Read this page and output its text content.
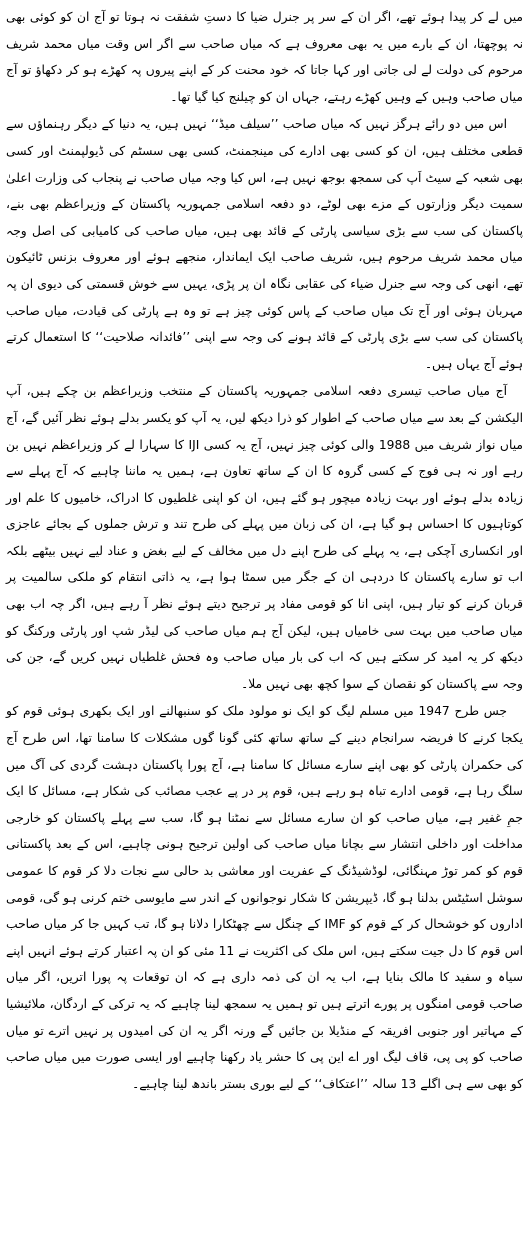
میں لے کر پیدا ہوئے تھے، اگر ان کے سر پر جنرل ضیا کا دستِ شفقت نہ ہوتا تو آج ان کو کوئی بھی نہ پوچھتا، ان کے بارے میں یہ بھی معروف ہے کہ میاں صاحب سے اگر اس وقت میاں محمد شریف مرحوم کی دولت لے لی جاتی اور کہا جاتا کہ خود محنت کر کے اپنے پیروں پہ کھڑے ہو کر دکھاؤ تو آج میاں صاحب وہیں کے وہیں کھڑے رہتے، جہاں ان کو چیلنج کیا گیا تھا۔

اس میں دو رائے ہرگز نہیں کہ میاں صاحب ’’سیلف میڈ‘‘ نہیں ہیں، یہ دنیا کے دیگر رہنماؤں سے قطعی مختلف ہیں، ان کو کسی بھی ادارے کی مینجمنٹ، کسی بھی سسٹم کی ڈیولپمنٹ اور کسی بھی شعبہ کے سیٹ اَپ کی سمجھ بوجھ نہیں ہے، اس کیا وجہ میاں صاحب نے پنجاب کی وزارت اعلیٰ سمیت دیگر وزارتوں کے مزے بھی لوٹے، دو دفعہ اسلامی جمہوریہ پاکستان کے وزیراعظم بھی بنے، پاکستان کی سب سے بڑی سیاسی پارٹی کے قائد بھی ہیں، میاں صاحب کی کامیابی کی اصل وجہ میاں محمد شریف مرحوم ہیں، شریف صاحب ایک ایماندار، منجھے ہوئے اور معروف بزنس ٹائیکون تھے، انھی کی وجہ سے جنرل ضیاء کی عقابی نگاہ ان پر پڑی، یہیں سے خوش قسمتی کی دیوی ان پہ مہربان ہوئی اور آج تک میاں صاحب کے پاس کوئی چیز ہے تو وہ ہے پارٹی کی قیادت، میاں صاحب پاکستان کی سب سے بڑی پارٹی کے قائد ہونے کی وجہ سے اپنی ’’فائدانہ صلاحیت‘‘ کا استعمال کرتے ہوئے آج یہاں ہیں۔

آج میاں صاحب تیسری دفعہ اسلامی جمہوریہ پاکستان کے منتخب وزیراعظم بن چکے ہیں، آپ الیکشن کے بعد سے میاں صاحب کے اطوار کو ذرا دیکھ لیں، یہ آپ کو یکسر بدلے ہوئے نظر آئیں گے، آج میاں نواز شریف میں 1988 والی کوئی چیز نہیں، آج یہ کسی IJI کا سہارا لے کر وزیراعظم نہیں بن رہے اور نہ ہی فوج کے کسی گروہ کا ان کے ساتھ تعاون ہے، ہمیں یہ ماننا چاہیے کہ آج پہلے سے زیادہ بدلے ہوئے اور بہت زیادہ میچور ہو گئے ہیں، ان کو اپنی غلطیوں کا ادراک، خامیوں کا علم اور کوتاہیوں کا احساس ہو گیا ہے، ان کی زبان میں پہلے کی طرح تند و ترش جملوں کے بجائے عاجزی اور انکساری آچکی ہے، یہ پہلے کی طرح اپنے دل میں مخالف کے لیے بغض و عناد لیے نہیں بیٹھے بلکہ اب تو سارے پاکستان کا دردہی ان کے جگر میں سمٹا ہوا ہے، یہ ذاتی انتقام کو ملکی سالمیت پر قربان کرنے کو تیار ہیں، اپنی انا کو قومی مفاد پر ترجیح دیتے ہوئے نظر آ رہے ہیں، اگر چہ اب بھی میاں صاحب میں بہت سی خامیاں ہیں، لیکن آج ہم میاں صاحب کی لیڈر شپ اور پارٹی ورکنگ کو دیکھ کر یہ امید کر سکتے ہیں کہ اب کی بار میاں صاحب وہ فحش غلطیاں نہیں کریں گے، جن کی وجہ سے پاکستان کو نقصان کے سوا کچھ بھی نہیں ملا۔

جس طرح 1947 میں مسلم لیگ کو ایک نو مولود ملک کو سنبھالنے اور ایک بکھری ہوئی قوم کو یکجا کرنے کا فریضہ سرانجام دینے کے ساتھ ساتھ کئی گونا گوں مشکلات کا سامنا تھا، اس طرح آج کی حکمران پارٹی کو بھی اپنے سارے مسائل کا سامنا ہے، آج پورا پاکستان دہشت گردی کی آگ میں سلگ رہا ہے، قومی ادارے تباہ ہو رہے ہیں، قوم پر در پے عجب مصائب کی شکار ہے، مسائل کا ایک جمِ غفیر ہے، میاں صاحب کو ان سارے مسائل سے نمٹنا ہو گا، سب سے پہلے پاکستان کو خارجی مداخلت اور داخلی انتشار سے بچانا میاں صاحب کی اولین ترجیح ہونی چاہیے، اس کے بعد پاکستانی قوم کو کمر توڑ مہنگائی، لوڈشیڈنگ کے عفریت اور معاشی بد حالی سے نجات دلا کر قوم کا عمومی سوشل اسٹیٹس بدلنا ہو گا، ڈیپریشن کا شکار نوجوانوں کے اندر سے مایوسی ختم کرنی ہو گی، قومی اداروں کو خوشحال کر کے قوم کو IMF کے چنگل سے چھٹکارا دلانا ہو گا، تب کہیں جا کر میاں صاحب اس قوم کا دل جیت سکتے ہیں، اس ملک کی اکثریت نے 11 مئی کو ان پہ اعتبار کرتے ہوئے انہیں اپنے سیاہ و سفید کا مالک بنایا ہے، اب یہ ان کی ذمہ داری ہے کہ ان توقعات پہ پورا اتریں، اگر میاں صاحب قومی امنگوں پر پورے اترتے ہیں تو ہمیں یہ سمجھ لینا چاہیے کہ یہ ترکی کے اردگان، ملائیشیا کے مہاتیر اور جنوبی افریقہ کے منڈیلا بن جائیں گے ورنہ اگر یہ ان کی امیدوں پر نہیں اترے تو میاں صاحب کو پی پی، قاف لیگ اور اے این پی کا حشر یاد رکھنا چاہیے اور ایسی صورت میں میاں صاحب کو بھی سے ہی اگلے 13 سالہ ’’اعتکاف‘‘ کے لیے بوری بستر باندھ لینا چاہیے۔
